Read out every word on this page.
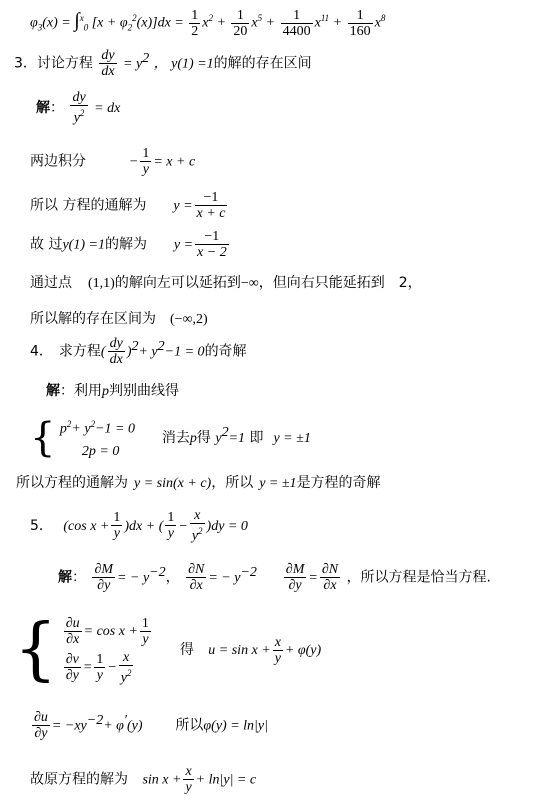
$\varphi_3(x) = \int^x_0$ $[x + \varphi_2^2(x)]dx = \frac{1}{2} x^2 + \frac{1}{20} x^5 + \frac{1}{4400} x^{11} + \frac{1}{160} x^8$
3．讨论方程 $\frac{dy}{dx} = y^2$ ， y(1) =1的解的存在区间
解： $\frac{dy}{y^2}$ = dx
两边积分	− $\frac{1}{y} = x + c$
所以 方程的通解为 $y = \frac{-1}{x + c}$
故 过y(1) =1的解为 $y = \frac{-1}{x - 2}$
通过点 (1,1)的解向左可以延拓到−∞，但向右只能延拓到 2，
所以解的存在区间为 (−∞,2)
4． 求方程( $\frac{dy}{dx} )^2+ y^2-1 = 0$的奇解
解：利用p判别曲线得
{ $p^2+ y^2-1 = 0$
2p = 0
消去p得 $y^2=1$ 即 y = ±1
所以方程的通解为 y = sin(x + c)，所以 y = ±1是方程的奇解
5． (cos $x + \frac{1}{y} )dx$ + ( $\frac{1}{y} - \frac{x}{y^2} )dy = 0$
解： $\frac{\partial M}{\partial y}$ = − $y^{-2}$， $\frac{\partial N}{\partial x}$ = − $y^{-2} \frac{\partial M}{\partial y} = \frac{\partial N}{\partial x}$ ，所以方程是恰当方程.
{ $\frac{\partial u}{\partial x} = \cos x + \frac{1}{y}$
$\frac{\partial v}{\partial y} = \frac{1}{y} - \frac{x}{y^2}$	得 $u = \sin x + \frac{x}{y} + \varphi(y)$
$\frac{\partial u}{\partial y} = -xy^{-2}+ \varphi'(y)$ 所以φ(y) = ln|y|
故原方程的解为 $\sin x + \frac{x}{y} + \ln|y| = c$
